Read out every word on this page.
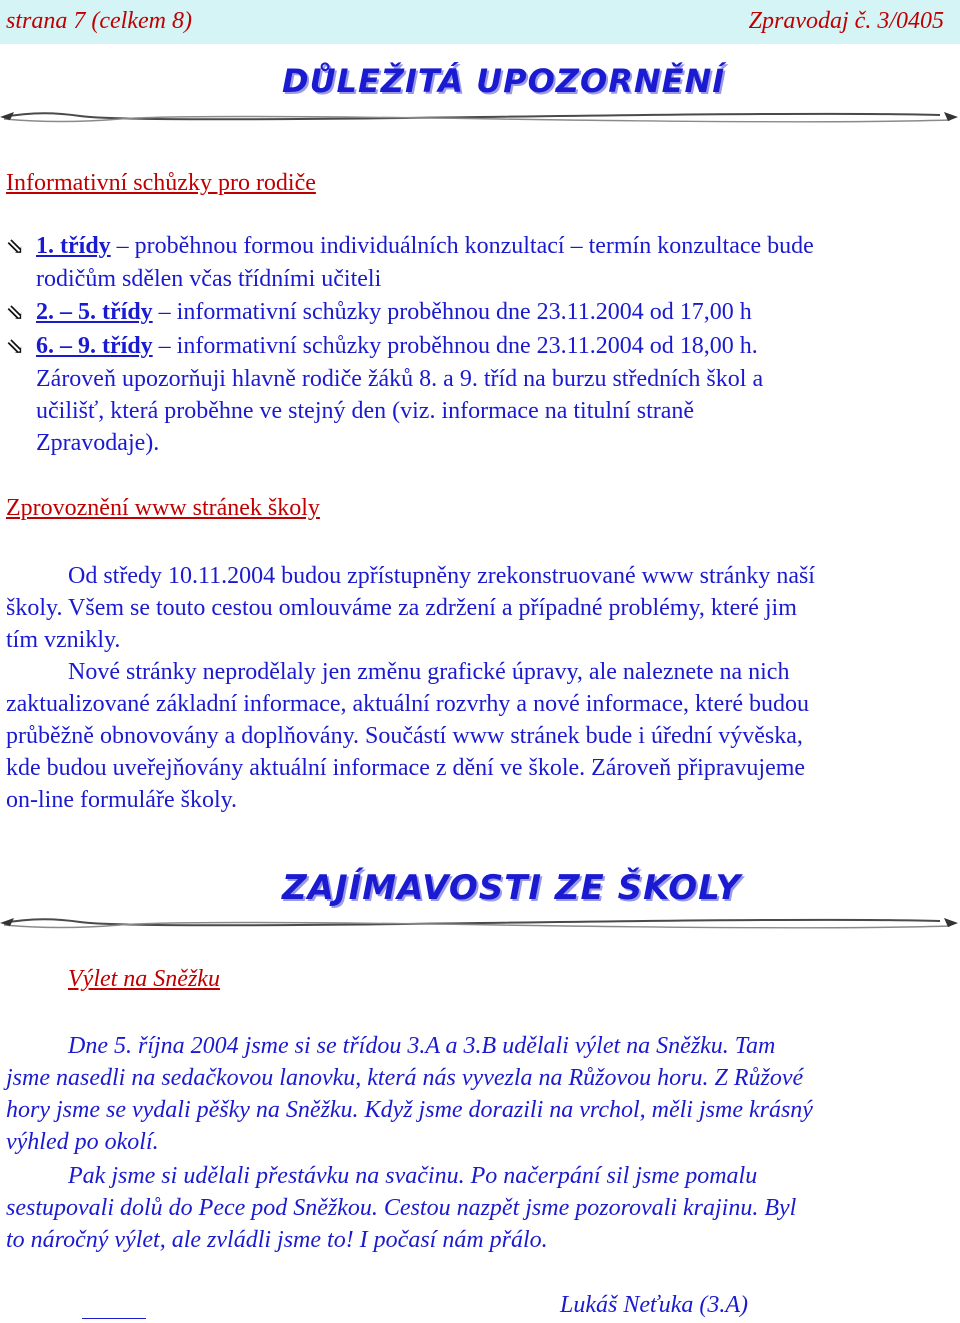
strana 7 (celkem 8)	Zpravodaj č. 3/0405
DŮLEŽITÁ UPOZORNĚNÍ
Informativní schůzky pro rodiče
⇘ 1. třídy – proběhnou formou individuálních konzultací – termín konzultace bude
rodičům sdělen včas třídními učiteli
⇘ 2. – 5. třídy – informativní schůzky proběhnou dne 23.11.2004 od 17,00 h
⇘ 6. – 9. třídy – informativní schůzky proběhnou dne 23.11.2004 od 18,00 h.
Zároveň upozorňuji hlavně rodiče žáků 8. a 9. tříd na burzu středních škol a
učilišť, která proběhne ve stejný den (viz. informace na titulní straně
Zpravodaje).
Zprovoznění www stránek školy
Od středy 10.11.2004 budou zpřístupněny zrekonstruované www stránky naší
školy. Všem se touto cestou omlouváme za zdržení a případné problémy, které jim
tím vznikly.
Nové stránky neprodělaly jen změnu grafické úpravy, ale naleznete na nich
zaktualizované základní informace, aktuální rozvrhy a nové informace, které budou
průběžně obnovovány a doplňovány. Součástí www stránek bude i úřední vývěska,
kde budou uveřejňovány aktuální informace z dění ve škole. Zároveň připravujeme
on-line formuláře školy.
ZAJÍMAVOSTI ZE ŠKOLY
Výlet na Sněžku
Dne 5. října 2004 jsme si se třídou 3.A a 3.B udělali výlet na Sněžku. Tam
jsme nasedli na sedačkovou lanovku, která nás vyvezla na Růžovou horu. Z Růžové
hory jsme se vydali pěšky na Sněžku. Když jsme dorazili na vrchol, měli jsme krásný
výhled po okolí.
Pak jsme si udělali přestávku na svačinu. Po načerpání sil jsme pomalu
sestupovali dolů do Pece pod Sněžkou. Cestou nazpět jsme pozorovali krajinu. Byl
to náročný výlet, ale zvládli jsme to! I počasí nám přálo.
Lukáš Neťuka (3.A)
